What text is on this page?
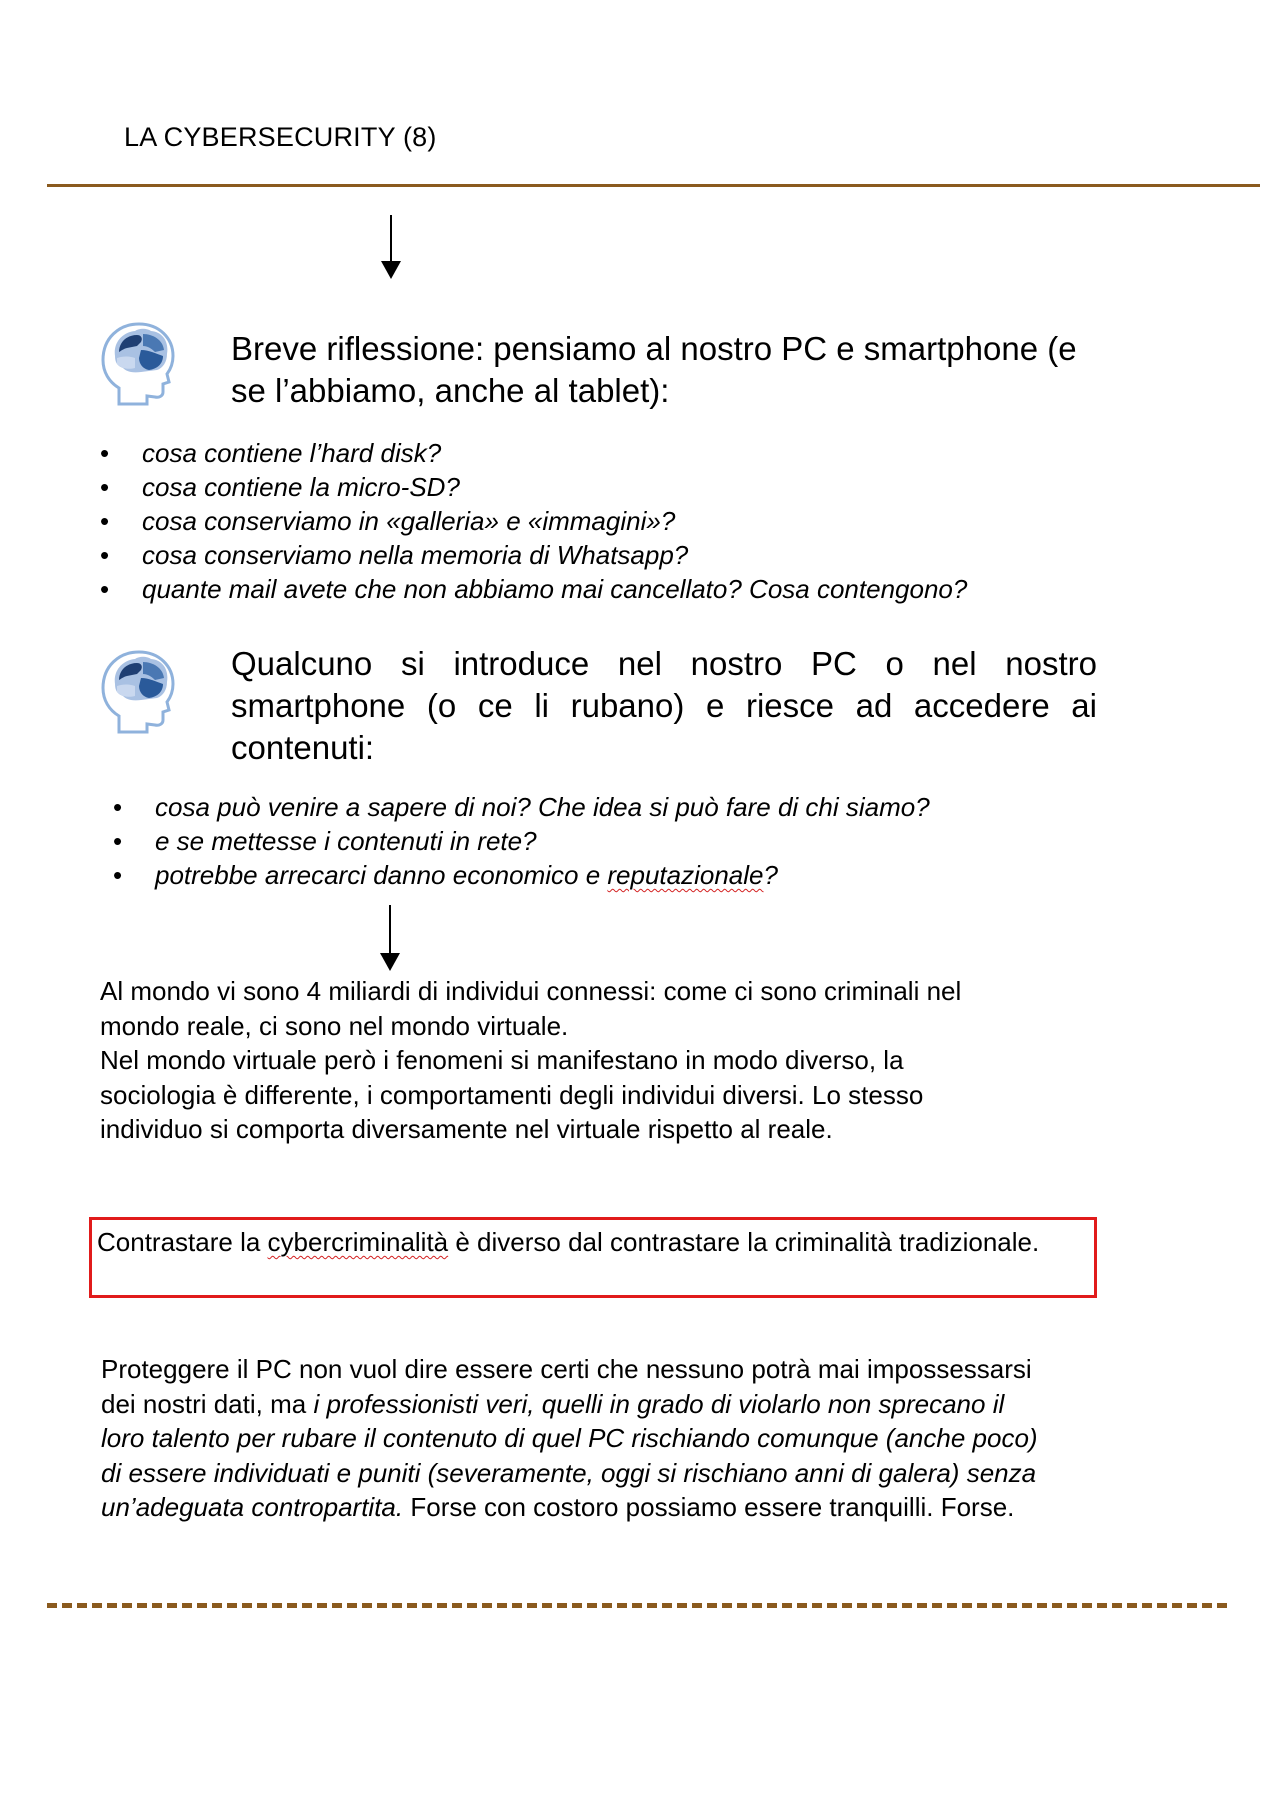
LA CYBERSECURITY (8)

Breve riflessione: pensiamo al nostro PC e smartphone (e se l’abbiamo, anche al tablet):

• cosa contiene l’hard disk?
• cosa contiene la micro-SD?
• cosa conserviamo in «galleria» e «immagini»?
• cosa conserviamo nella memoria di Whatsapp?
• quante mail avete che non abbiamo mai cancellato? Cosa contengono?

Qualcuno si introduce nel nostro PC o nel nostro smartphone (o ce li rubano) e riesce ad accedere ai contenuti:

• cosa può venire a sapere di noi? Che idea si può fare di chi siamo?
• e se mettesse i contenuti in rete?
• potrebbe arrecarci danno economico e reputazionale?

Al mondo vi sono 4 miliardi di individui connessi: come ci sono criminali nel mondo reale, ci sono nel mondo virtuale.

Nel mondo virtuale però i fenomeni si manifestano in modo diverso, la sociologia è differente, i comportamenti degli individui diversi. Lo stesso individuo si comporta diversamente nel virtuale rispetto al reale.

Contrastare la cybercriminalità è diverso dal contrastare la criminalità tradizionale.

Proteggere il PC non vuol dire essere certi che nessuno potrà mai impossessarsi dei nostri dati, ma i professionisti veri, quelli in grado di violarlo non sprecano il loro talento per rubare il contenuto di quel PC rischiando comunque (anche poco) di essere individuati e puniti (severamente, oggi si rischiano anni di galera) senza un’adeguata contropartita. Forse con costoro possiamo essere tranquilli. Forse.
